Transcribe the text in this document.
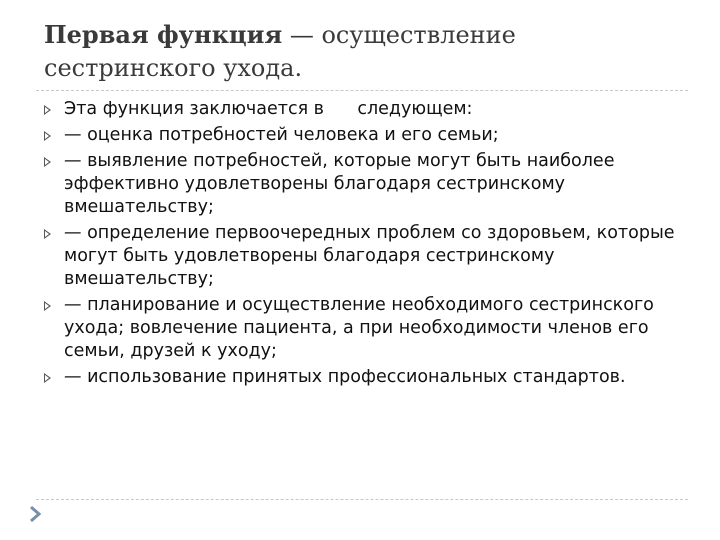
Первая функция — осуществление сестринского ухода.
Эта функция заключается в      следующем:
— оценка потребностей человека и его семьи;
— выявление потребностей, которые могут быть наиболее эффективно удовлетворены благодаря сестринскому вмешательству;
— определение первоочередных проблем со здоровьем, которые могут быть удовлетворены благодаря сестринскому вмешательству;
— планирование и осуществление необходимого сестринского ухода; вовлечение пациента, а при необходимости членов его семьи, друзей к уходу;
— использование принятых профессиональных стандартов.
